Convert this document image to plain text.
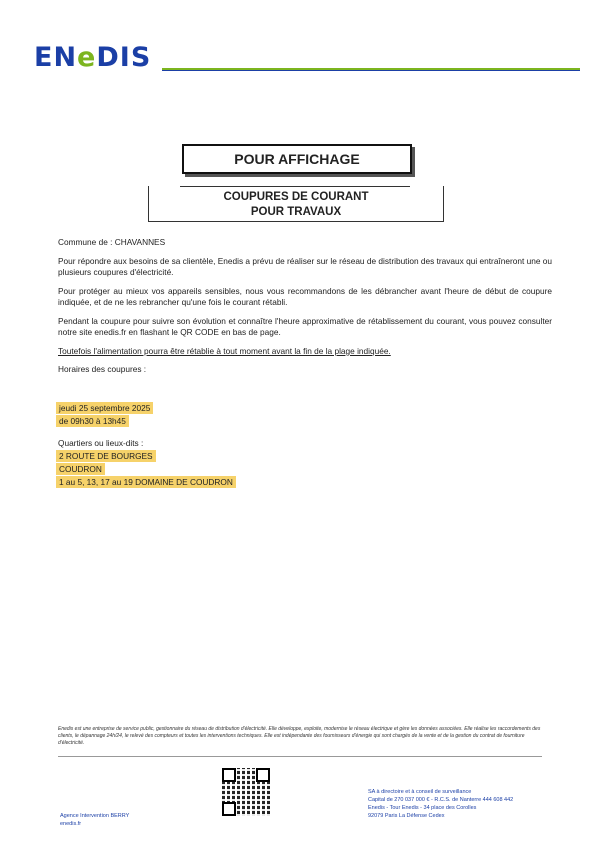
ENeDIS
POUR AFFICHAGE
COUPURES DE COURANT
POUR TRAVAUX
Commune de : CHAVANNES
Pour répondre aux besoins de sa clientèle, Enedis a prévu de réaliser sur le réseau de distribution des travaux qui entraîneront une ou plusieurs coupures d'électricité.
Pour protéger au mieux vos appareils sensibles, nous vous recommandons de les débrancher avant l'heure de début de coupure indiquée, et de ne les rebrancher qu'une fois le courant rétabli.
Pendant la coupure pour suivre son évolution et connaître l'heure approximative de rétablissement du courant, vous pouvez consulter notre site enedis.fr en flashant le QR CODE en bas de page.
Toutefois l'alimentation pourra être rétablie à tout moment avant la fin de la plage indiquée.
Horaires des coupures :
jeudi 25 septembre 2025
de 09h30 à 13h45
Quartiers ou lieux-dits :
2 ROUTE DE BOURGES
COUDRON
1 au 5, 13, 17 au 19 DOMAINE DE COUDRON
Enedis est une entreprise de service public, gestionnaire du réseau de distribution d'électricité. Elle développe, exploite, modernise le réseau électrique et gère les données associées. Elle réalise les raccordements des clients, le dépannage 24h/24, le relevé des compteurs et toutes les interventions techniques. Elle est indépendante des fournisseurs d'énergie qui sont chargés de la vente et de la gestion du contrat de fourniture d'électricité.
Agence Intervention BERRY
enedis.fr
SA à directoire et à conseil de surveillance
Capital de 270 037 000 € - R.C.S. de Nanterre 444 608 442
Enedis - Tour Enedis - 34 place des Corolles
92079 Paris La Défense Cedex
